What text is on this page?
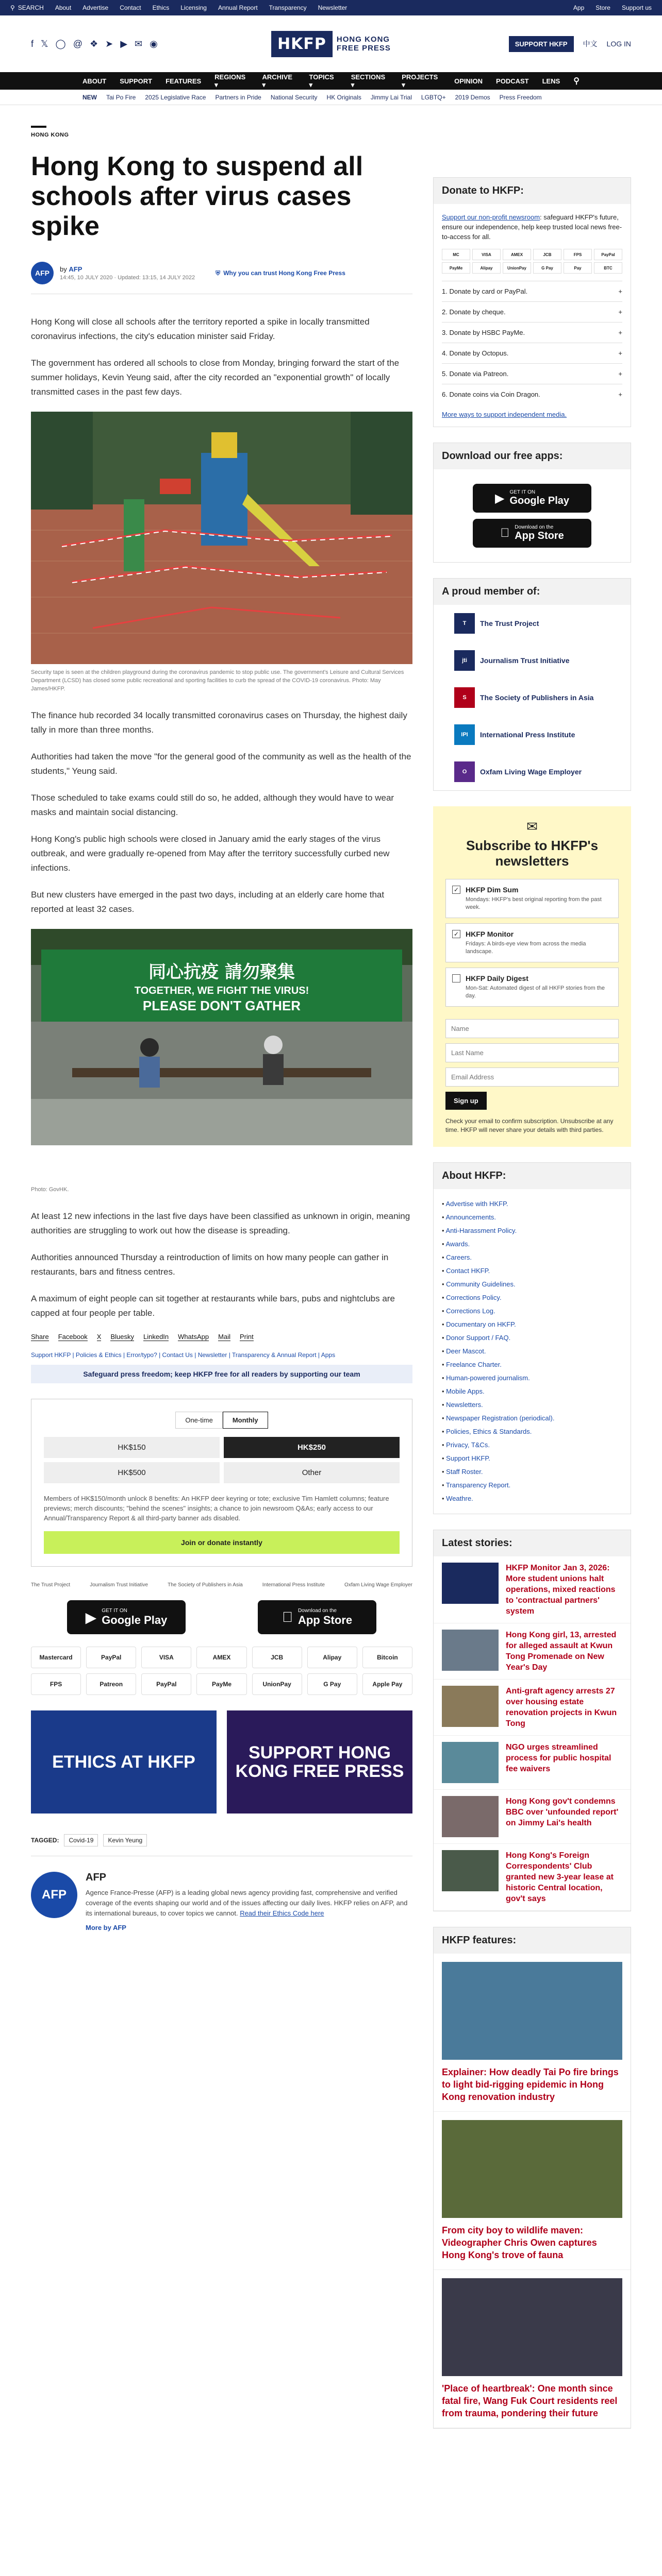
⚲ SEARCH About Advertise Contact Ethics Licensing Annual Report Transparency Newsletter	App Store Support us
f 𝕏 ◯ @ ❖ ➤ ▶ ✉ ◉	HKFP	HONG KONG
FREE PRESS	SUPPORT HKFP	中文 LOG IN
ABOUT SUPPORT FEATURES
REGIONS ▾
ARCHIVE ▾
TOPICS ▾
SECTIONS ▾
PROJECTS ▾	OPINION PODCAST LENS ⚲
NEW Tai Po Fire 2025 Legislative Race Partners in Pride National Security HK Originals Jimmy Lai Trial LGBTQ+ 2019 Demos Press Freedom
HONG KONG
Hong Kong to suspend all schools after virus cases spike
AFP	by AFP
14:45, 10 JULY 2020 · Updated: 13:15, 14 JULY 2022
⛨ Why you can trust Hong Kong Free Press

Hong Kong will close all schools after the territory reported a spike in locally transmitted coronavirus infections, the city's education minister said Friday.

The government has ordered all schools to close from Monday, bringing forward the start of the summer holidays, Kevin Yeung said, after the city recorded an "exponential growth" of locally transmitted cases in the past few days.

Security tape is seen at the children playground during the coronavirus pandemic to stop public use. The government's Leisure and Cultural Services Department (LCSD) has closed some public recreational and sporting facilities to curb the spread of the COVID-19 coronavirus. Photo: May James/HKFP.

The finance hub recorded 34 locally transmitted coronavirus cases on Thursday, the highest daily tally in more than three months.

Authorities had taken the move "for the general good of the community as well as the health of the students," Yeung said.

Those scheduled to take exams could still do so, he added, although they would have to wear masks and maintain social distancing.

Hong Kong's public high schools were closed in January amid the early stages of the virus outbreak, and were gradually re-opened from May after the territory successfully curbed new infections.

But new clusters have emerged in the past two days, including at an elderly care home that reported at least 32 cases.

同心抗疫 請勿聚集
TOGETHER, WE FIGHT THE VIRUS!
PLEASE DON'T GATHER
Photo: GovHK.

At least 12 new infections in the last five days have been classified as unknown in origin, meaning authorities are struggling to work out how the disease is spreading.

Authorities announced Thursday a reintroduction of limits on how many people can gather in restaurants, bars and fitness centres.

A maximum of eight people can sit together at restaurants while bars, pubs and nightclubs are capped at four people per table.

Share Facebook X Bluesky LinkedIn WhatsApp Mail Print
Support HKFP | Policies & Ethics | Error/typo? | Contact Us | Newsletter | Transparency & Annual Report | Apps
Safeguard press freedom; keep HKFP free for all readers by supporting our team
One-time	Monthly
HK$150	HK$250
HK$500	Other
Members of HK$150/month unlock 8 benefits: An HKFP deer keyring or tote; exclusive Tim Hamlett columns; feature previews; merch discounts; "behind the scenes" insights; a chance to join newsroom Q&As; early access to our Annual/Transparency Report & all third-party banner ads disabled.
Join or donate instantly
The Trust Project	Journalism Trust Initiative	The Society of Publishers in Asia	International Press Institute	Oxfam Living Wage Employer
▶ GET IT ON
Google Play
Download on the
App Store
Mastercard	PayPal	VISA	AMEX	JCB	Alipay	Bitcoin
FPS	Patreon	PayPal	PayMe	UnionPay	G Pay	Apple Pay
ETHICS AT HKFP	SUPPORT HONG KONG FREE PRESS
TAGGED:	Covid-19	Kevin Yeung
AFP
AFP
Agence France-Presse (AFP) is a leading global news agency providing fast, comprehensive and verified coverage of the events shaping our world and of the issues affecting our daily lives. HKFP relies on AFP, and its international bureaus, to cover topics we cannot. Read their Ethics Code here
More by AFP
Donate to HKFP:
Support our non-profit newsroom: safeguard HKFP's future, ensure our independence, help keep trusted local news free-to-access for all.
MC	VISA	AMEX	JCB	FPS	PayPal
PayMe	Alipay	UnionPay	G Pay	Pay	BTC
1. Donate by card or PayPal.	+
2. Donate by cheque.	+
3. Donate by HSBC PayMe.	+
4. Donate by Octopus.	+
5. Donate via Patreon.	+
6. Donate coins via Coin Dragon.	+
More ways to support independent media.
Download our free apps:
▶ GET IT ON
Google Play
Download on the
App Store
A proud member of:
T	The Trust Project
jti	Journalism Trust Initiative
S	The Society of Publishers in Asia
IPI	International Press Institute
O	Oxfam Living Wage Employer
✉
Subscribe to HKFP's newsletters
✓ HKFP Dim Sum
Mondays: HKFP's best original reporting from the past week.
✓ HKFP Monitor
Fridays: A birds-eye view from across the media landscape.
HKFP Daily Digest
Mon-Sat: Automated digest of all HKFP stories from the day.
Name Last Name Email Address Sign up
Check your email to confirm subscription. Unsubscribe at any time. HKFP will never share your details with third parties.
About HKFP:
• Advertise with HKFP.
• Announcements.
• Anti-Harassment Policy.
• Awards.
• Careers.
• Contact HKFP.
• Community Guidelines.
• Corrections Policy.
• Corrections Log.
• Documentary on HKFP.
• Donor Support / FAQ.
• Deer Mascot.
• Freelance Charter.
• Human-powered journalism.
• Mobile Apps.
• Newsletters.
• Newspaper Registration (periodical).
• Policies, Ethics & Standards.
• Privacy, T&Cs.
• Support HKFP.
• Staff Roster.
• Transparency Report.
• Weathre.
Latest stories:
HKFP Monitor Jan 3, 2026: More student unions halt operations, mixed reactions to 'contractual partners' system
Hong Kong girl, 13, arrested for alleged assault at Kwun Tong Promenade on New Year's Day
Anti-graft agency arrests 27 over housing estate renovation projects in Kwun Tong
NGO urges streamlined process for public hospital fee waivers
Hong Kong gov't condemns BBC over 'unfounded report' on Jimmy Lai's health
Hong Kong's Foreign Correspondents' Club granted new 3-year lease at historic Central location, gov't says
HKFP features:
Explainer: How deadly Tai Po fire brings to light bid-rigging epidemic in Hong Kong renovation industry
From city boy to wildlife maven: Videographer Chris Owen captures Hong Kong's trove of fauna
'Place of heartbreak': One month since fatal fire, Wang Fuk Court residents reel from trauma, pondering their future
